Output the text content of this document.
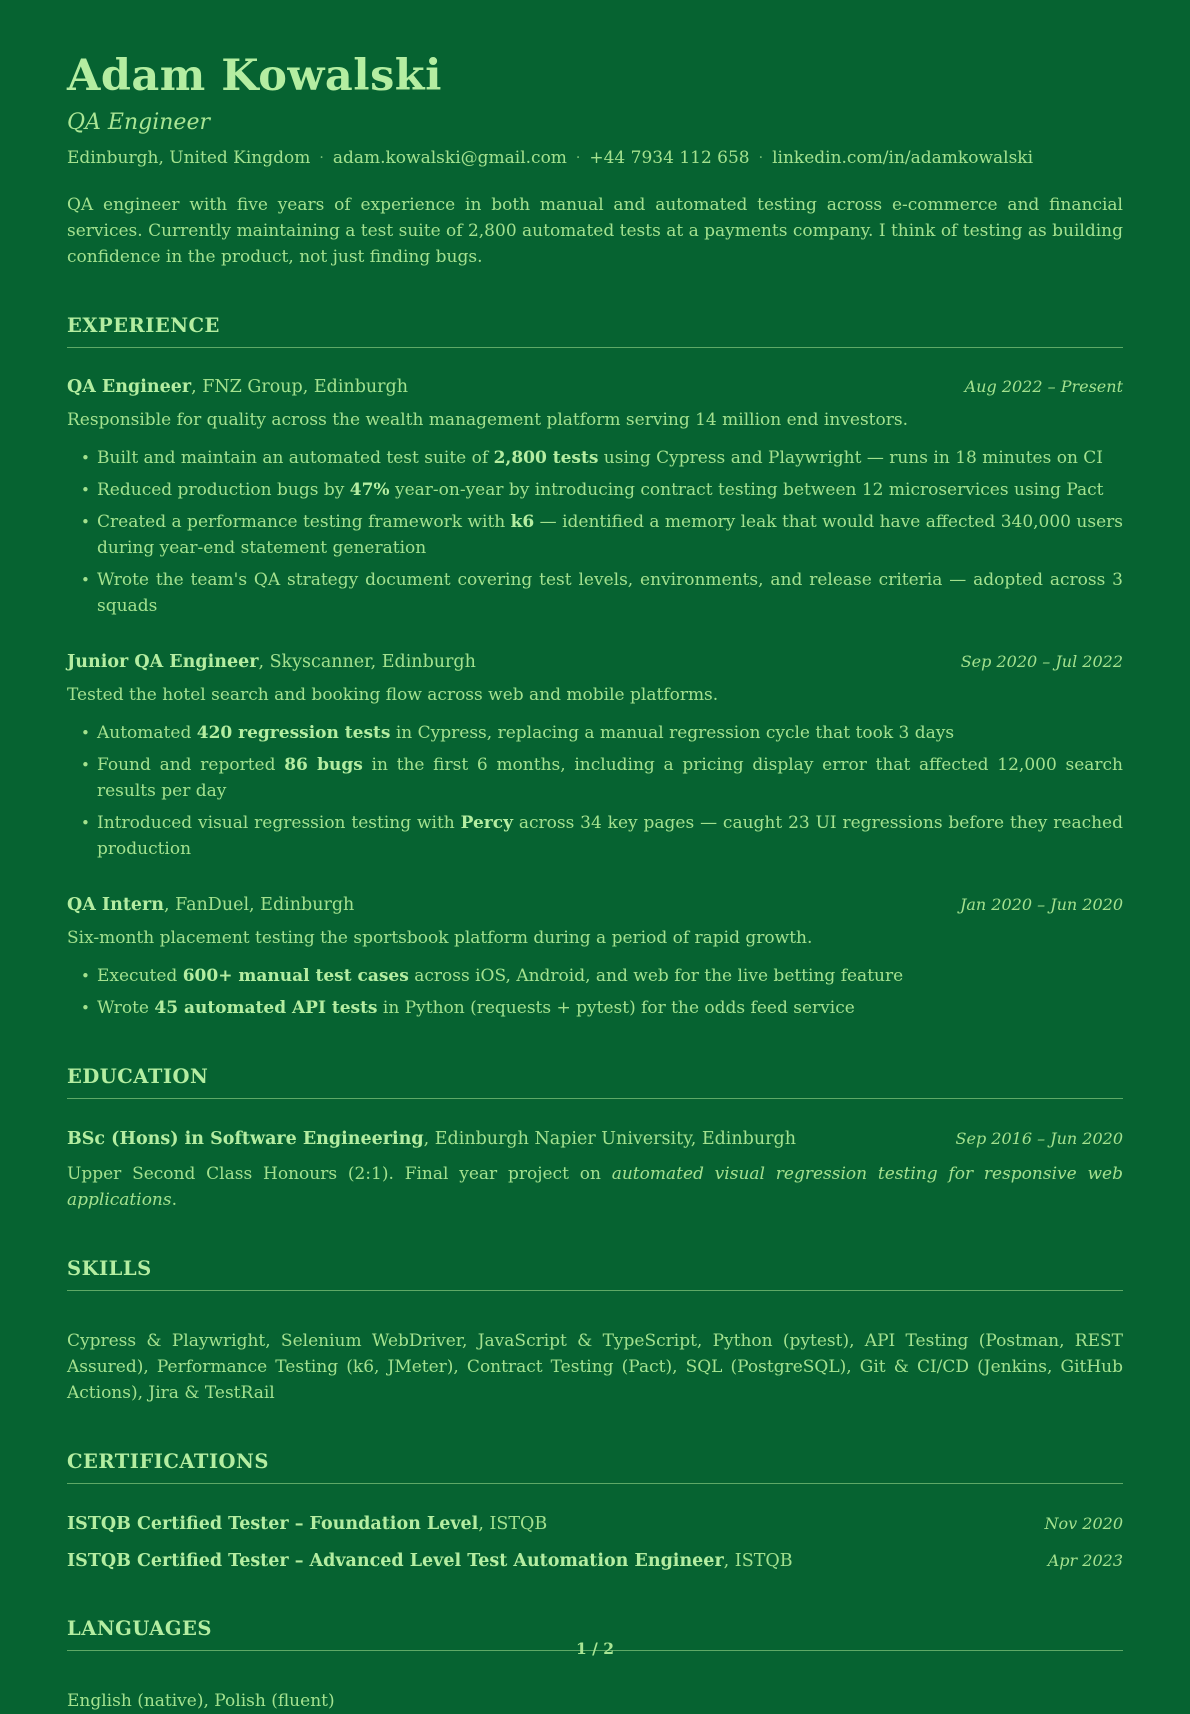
Adam Kowalski
QA Engineer
Edinburgh, United Kingdom · adam.kowalski@gmail.com · +44 7934 112 658 · linkedin.com/in/adamkowalski

QA engineer with five years of experience in both manual and automated testing across e-commerce and financial services. Currently maintaining a test suite of 2,800 automated tests at a payments company. I think of testing as building confidence in the product, not just finding bugs.

EXPERIENCE
QA Engineer, FNZ Group, Edinburgh	Aug 2022 – Present

Responsible for quality across the wealth management platform serving 14 million end investors.

• Built and maintain an automated test suite of 2,800 tests using Cypress and Playwright — runs in 18 minutes on CI
• Reduced production bugs by 47% year-on-year by introducing contract testing between 12 microservices using Pact
• Created a performance testing framework with k6 — identified a memory leak that would have affected 340,000 users during year-end statement generation
• Wrote the team's QA strategy document covering test levels, environments, and release criteria — adopted across 3 squads
Junior QA Engineer, Skyscanner, Edinburgh	Sep 2020 – Jul 2022

Tested the hotel search and booking flow across web and mobile platforms.

• Automated 420 regression tests in Cypress, replacing a manual regression cycle that took 3 days
• Found and reported 86 bugs in the first 6 months, including a pricing display error that affected 12,000 search results per day
• Introduced visual regression testing with Percy across 34 key pages — caught 23 UI regressions before they reached production
QA Intern, FanDuel, Edinburgh	Jan 2020 – Jun 2020

Six-month placement testing the sportsbook platform during a period of rapid growth.

• Executed 600+ manual test cases across iOS, Android, and web for the live betting feature
• Wrote 45 automated API tests in Python (requests + pytest) for the odds feed service
EDUCATION
BSc (Hons) in Software Engineering, Edinburgh Napier University, Edinburgh	Sep 2016 – Jun 2020

Upper Second Class Honours (2:1). Final year project on automated visual regression testing for responsive web applications.

SKILLS

Cypress & Playwright, Selenium WebDriver, JavaScript & TypeScript, Python (pytest), API Testing (Postman, REST Assured), Performance Testing (k6, JMeter), Contract Testing (Pact), SQL (PostgreSQL), Git & CI/CD (Jenkins, GitHub Actions), Jira & TestRail

CERTIFICATIONS
ISTQB Certified Tester – Foundation Level, ISTQB	Nov 2020
ISTQB Certified Tester – Advanced Level Test Automation Engineer, ISTQB	Apr 2023
LANGUAGES

English (native), Polish (fluent)

1 / 2
